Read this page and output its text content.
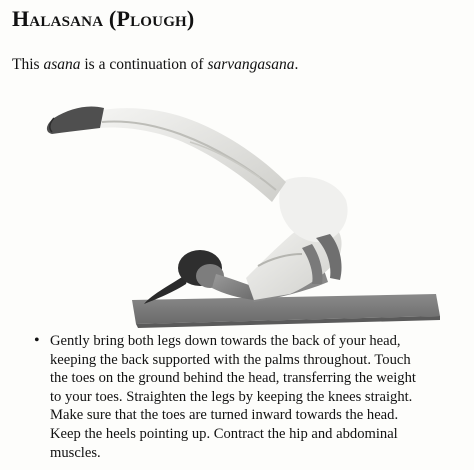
Halasana (Plough)
This asana is a continuation of sarvangasana.
• Gently bring both legs down towards the back of your head,
keeping the back supported with the palms throughout. Touch
the toes on the ground behind the head, transferring the weight
to your toes. Straighten the legs by keeping the knees straight.
Make sure that the toes are turned inward towards the head.
Keep the heels pointing up. Contract the hip and abdominal
muscles.
